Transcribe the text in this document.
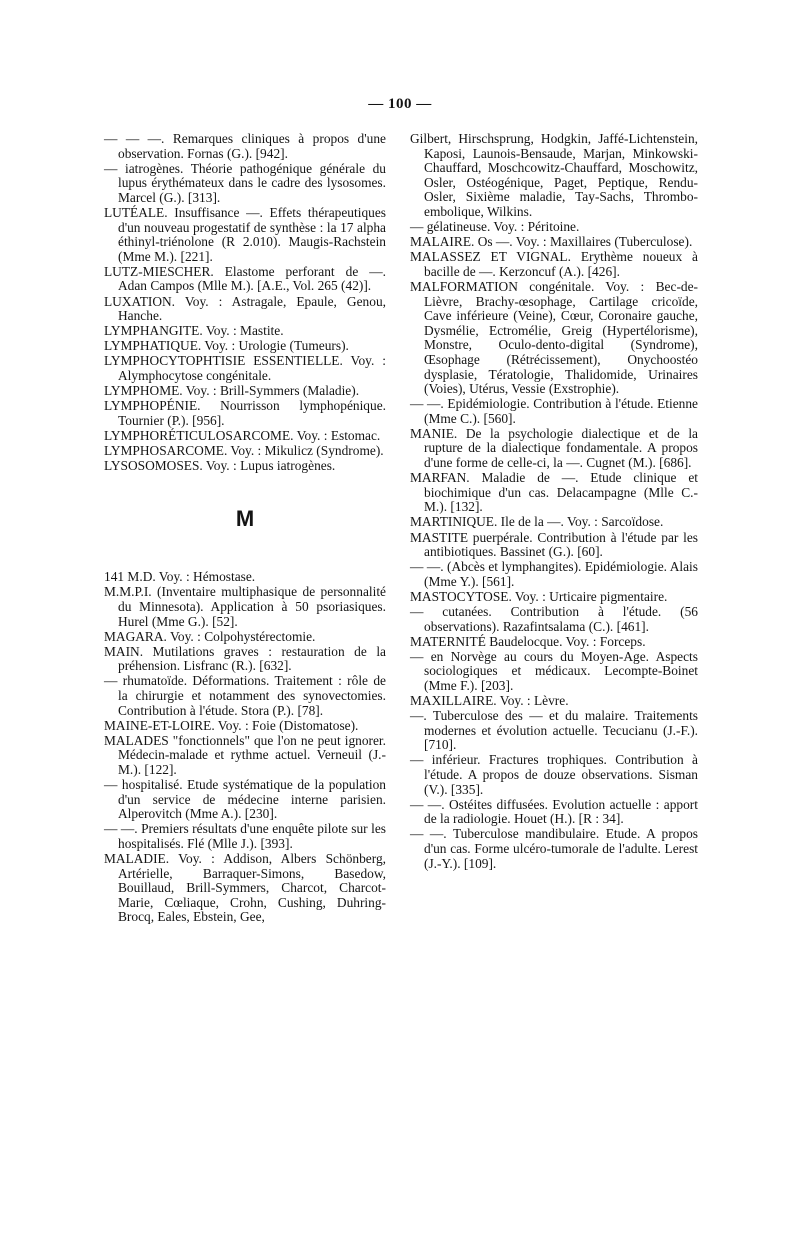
— 100 —

— — —. Remarques cliniques à propos d'une observation. Fornas (G.). [942].

— iatrogènes. Théorie pathogénique générale du lupus érythémateux dans le cadre des lysosomes. Marcel (G.). [313].

LUTÉALE. Insuffisance —. Effets thérapeutiques d'un nouveau progestatif de synthèse : la 17 alpha éthinyl-triénolone (R 2.010). Maugis-Rachstein (Mme M.). [221].

LUTZ-MIESCHER. Elastome perforant de —. Adan Campos (Mlle M.). [A.E., Vol. 265 (42)].

LUXATION. Voy. : Astragale, Epaule, Genou, Hanche.

LYMPHANGITE. Voy. : Mastite.

LYMPHATIQUE. Voy. : Urologie (Tumeurs).

LYMPHOCYTOPHTISIE ESSENTIELLE. Voy. : Alymphocytose congénitale.

LYMPHOME. Voy. : Brill-Symmers (Maladie).

LYMPHOPÉNIE. Nourrisson lymphopénique. Tournier (P.). [956].

LYMPHORÉTICULOSARCOME. Voy. : Estomac.

LYMPHOSARCOME. Voy. : Mikulicz (Syndrome).

LYSOSOMOSES. Voy. : Lupus iatrogènes.

M

141 M.D. Voy. : Hémostase.

M.M.P.I. (Inventaire multiphasique de personnalité du Minnesota). Application à 50 psoriasiques. Hurel (Mme G.). [52].

MAGARA. Voy. : Colpohystérectomie.

MAIN. Mutilations graves : restauration de la préhension. Lisfranc (R.). [632].

— rhumatoïde. Déformations. Traitement : rôle de la chirurgie et notamment des synovectomies. Contribution à l'étude. Stora (P.). [78].

MAINE-ET-LOIRE. Voy. : Foie (Distomatose).

MALADES "fonctionnels" que l'on ne peut ignorer. Médecin-malade et rythme actuel. Verneuil (J.-M.). [122].

— hospitalisé. Etude systématique de la population d'un service de médecine interne parisien. Alperovitch (Mme A.). [230].

— —. Premiers résultats d'une enquête pilote sur les hospitalisés. Flé (Mlle J.). [393].

MALADIE. Voy. : Addison, Albers Schönberg, Artérielle, Barraquer-Simons, Basedow, Bouillaud, Brill-Symmers, Charcot, Charcot-Marie, Cœliaque, Crohn, Cushing, Duhring-Brocq, Eales, Ebstein, Gee,

Gilbert, Hirschsprung, Hodgkin, Jaffé-Lichtenstein, Kaposi, Launois-Bensaude, Marjan, Minkowski-Chauffard, Moschcowitz-Chauffard, Moschowitz, Osler, Ostéogénique, Paget, Peptique, Rendu-Osler, Sixième maladie, Tay-Sachs, Thrombo-embolique, Wilkins.

— gélatineuse. Voy. : Péritoine.

MALAIRE. Os —. Voy. : Maxillaires (Tuberculose).

MALASSEZ ET VIGNAL. Erythème noueux à bacille de —. Kerzoncuf (A.). [426].

MALFORMATION congénitale. Voy. : Bec-de-Lièvre, Brachy-œsophage, Cartilage cricoïde, Cave inférieure (Veine), Cœur, Coronaire gauche, Dysmélie, Ectromélie, Greig (Hypertélorisme), Monstre, Oculo-dento-digital (Syndrome), Œsophage (Rétrécissement), Onychoostéo dysplasie, Tératologie, Thalidomide, Urinaires (Voies), Utérus, Vessie (Exstrophie).

— —. Epidémiologie. Contribution à l'étude. Etienne (Mme C.). [560].

MANIE. De la psychologie dialectique et de la rupture de la dialectique fondamentale. A propos d'une forme de celle-ci, la —. Cugnet (M.). [686].

MARFAN. Maladie de —. Etude clinique et biochimique d'un cas. Delacampagne (Mlle C.-M.). [132].

MARTINIQUE. Ile de la —. Voy. : Sarcoïdose.

MASTITE puerpérale. Contribution à l'étude par les antibiotiques. Bassinet (G.). [60].

— —. (Abcès et lymphangites). Epidémiologie. Alais (Mme Y.). [561].

MASTOCYTOSE. Voy. : Urticaire pigmentaire.

— cutanées. Contribution à l'étude. (56 observations). Razafintsalama (C.). [461].

MATERNITÉ Baudelocque. Voy. : Forceps.

— en Norvège au cours du Moyen-Age. Aspects sociologiques et médicaux. Lecompte-Boinet (Mme F.). [203].

MAXILLAIRE. Voy. : Lèvre.

—. Tuberculose des — et du malaire. Traitements modernes et évolution actuelle. Tecucianu (J.-F.). [710].

— inférieur. Fractures trophiques. Contribution à l'étude. A propos de douze observations. Sisman (V.). [335].

— —. Ostéites diffusées. Evolution actuelle : apport de la radiologie. Houet (H.). [R : 34].

— —. Tuberculose mandibulaire. Etude. A propos d'un cas. Forme ulcéro-tumorale de l'adulte. Lerest (J.-Y.). [109].
